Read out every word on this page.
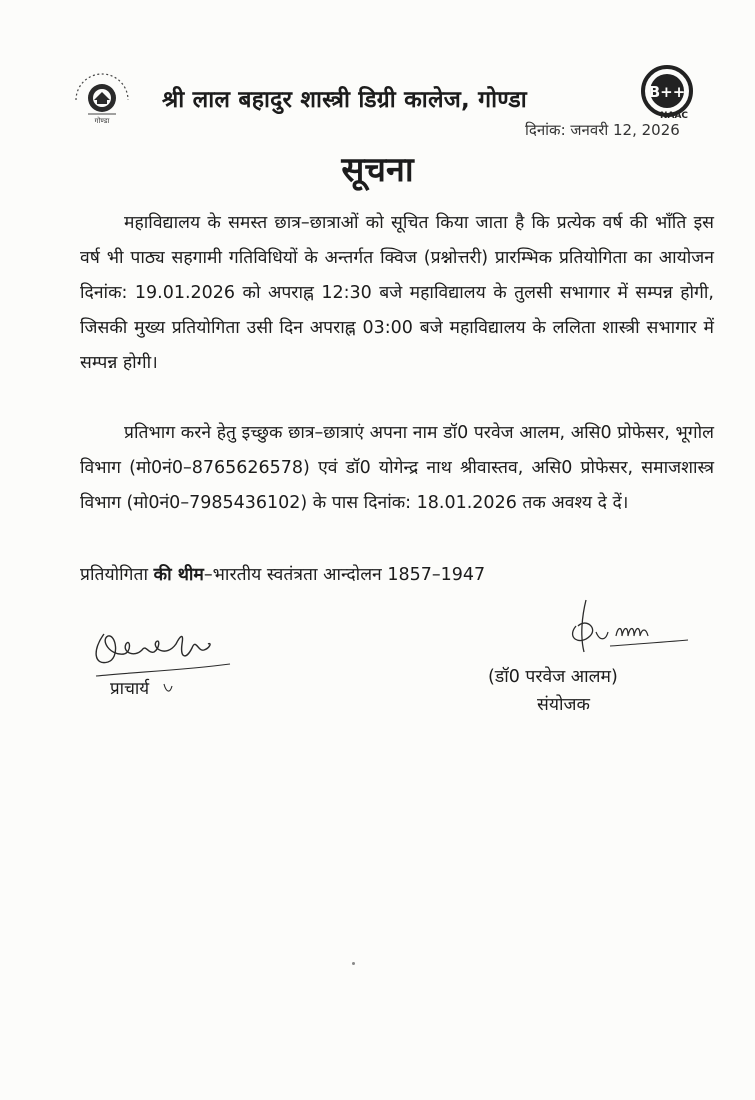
गोण्डा
श्री लाल बहादुर शास्त्री डिग्री कालेज, गोण्डा	B++
NAAC
दिनांक: जनवरी 12, 2026
सूचना
महाविद्यालय के समस्त छात्र–छात्राओं को सूचित किया जाता है कि प्रत्येक वर्ष की भाँति इस वर्ष भी पाठ्य सहगामी गतिविधियों के अन्तर्गत क्विज (प्रश्नोत्तरी) प्रारम्भिक प्रतियोगिता का आयोजन दिनांक: 19.01.2026 को अपराह्न 12:30 बजे महाविद्यालय के तुलसी सभागार में सम्पन्न होगी, जिसकी मुख्य प्रतियोगिता उसी दिन अपराह्न 03:00 बजे महाविद्यालय के ललिता शास्त्री सभागार में सम्पन्न होगी।
प्रतिभाग करने हेतु इच्छुक छात्र–छात्राएं अपना नाम डॉ0 परवेज आलम, असि0 प्रोफेसर, भूगोल विभाग (मो0नं0–8765626578) एवं डॉ0 योगेन्द्र नाथ श्रीवास्तव, असि0 प्रोफेसर, समाजशास्त्र विभाग (मो0नं0–7985436102) के पास दिनांक: 18.01.2026 तक अवश्य दे दें।
प्रतियोगिता की थीम–भारतीय स्वतंत्रता आन्दोलन 1857–1947
प्राचार्य
(डॉ0 परवेज आलम)
संयोजक
